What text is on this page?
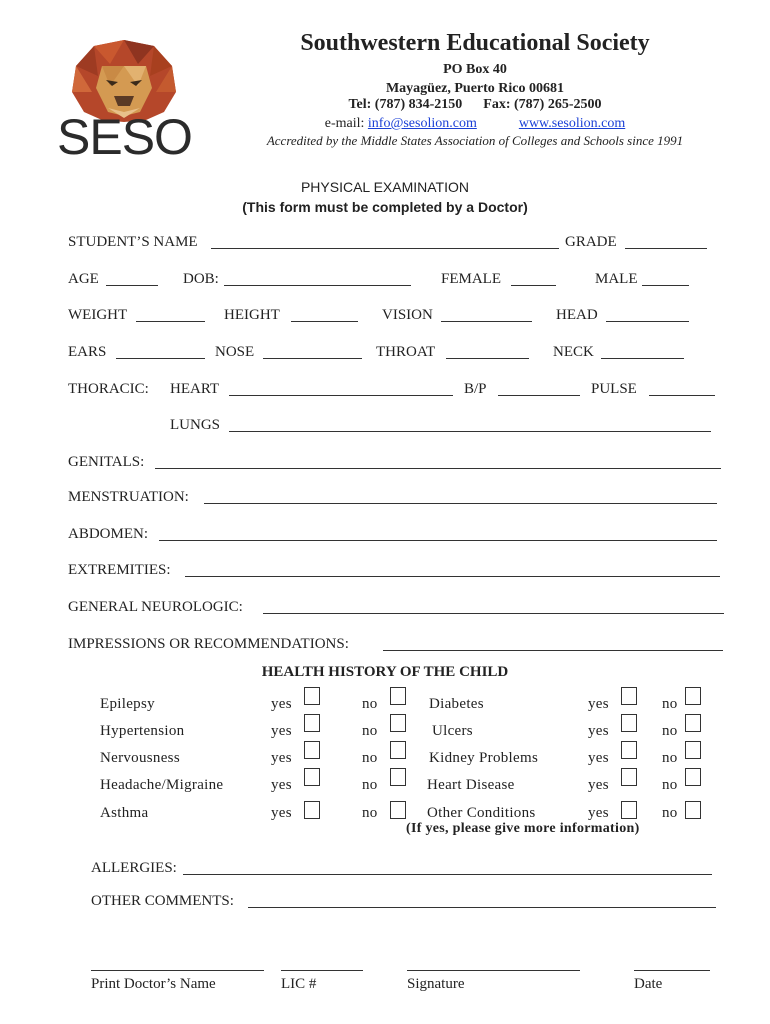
SESO
Southwestern Educational Society
PO Box 40
Mayagüez, Puerto Rico 00681
Tel: (787) 834-2150 Fax: (787) 265-2500
e-mail: info@sesolion.com	www.sesolion.com
Accredited by the Middle States Association of Colleges and Schools since 1991
PHYSICAL EXAMINATION
(This form must be completed by a Doctor)
STUDENT’S NAME	GRADE
AGE	DOB:	FEMALE	MALE
WEIGHT	HEIGHT	VISION	HEAD
EARS	NOSE	THROAT	NECK
THORACIC: HEART	B/P	PULSE
LUNGS
GENITALS:
MENSTRUATION:
ABDOMEN:
EXTREMITIES:
GENERAL NEUROLOGIC:
IMPRESSIONS OR RECOMMENDATIONS:
HEALTH HISTORY OF THE CHILD
Epilepsy	yes	no	Diabetes	yes	no
Hypertension	yes	no	Ulcers	yes	no
Nervousness	yes	no	Kidney Problems	yes	no
Headache/Migraine	yes	no	Heart Disease	yes	no
Asthma	yes	no	Other Conditions	yes	no
(If yes, please give more information)
ALLERGIES:
OTHER COMMENTS:
Print Doctor’s Name	LIC #	Signature	Date
